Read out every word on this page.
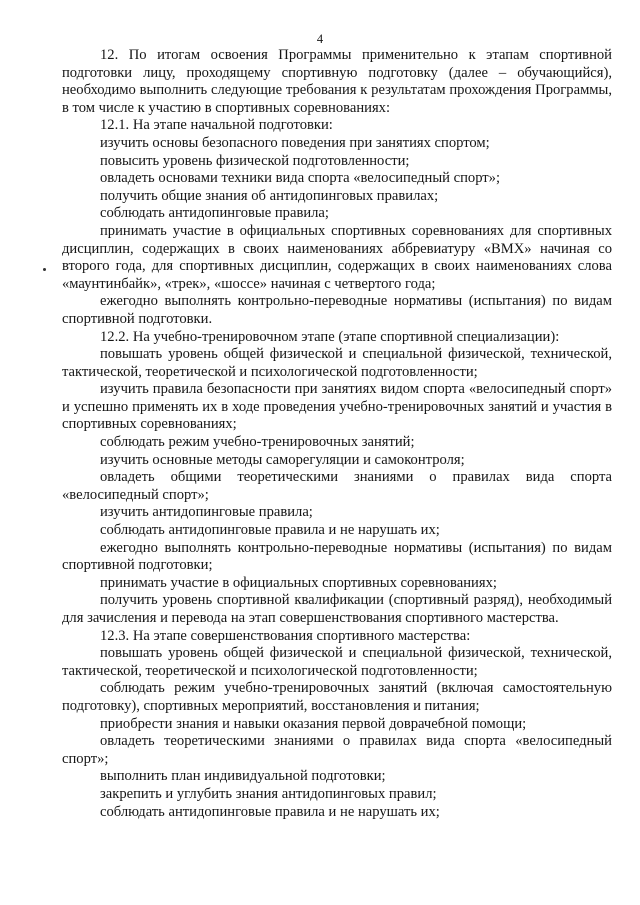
4

12. По итогам освоения Программы применительно к этапам спортивной подготовки лицу, проходящему спортивную подготовку (далее – обучающийся), необходимо выполнить следующие требования к результатам прохождения Программы, в том числе к участию в спортивных соревнованиях:

12.1. На этапе начальной подготовки:

изучить основы безопасного поведения при занятиях спортом;

повысить уровень физической подготовленности;

овладеть основами техники вида спорта «велосипедный спорт»;

получить общие знания об антидопинговых правилах;

соблюдать антидопинговые правила;

принимать участие в официальных спортивных соревнованиях для спортивных дисциплин, содержащих в своих наименованиях аббревиатуру «ВМХ» начиная со второго года, для спортивных дисциплин, содержащих в своих наименованиях слова «маунтинбайк», «трек», «шоссе» начиная с четвертого года;

ежегодно выполнять контрольно-переводные нормативы (испытания) по видам спортивной подготовки.

12.2. На учебно-тренировочном этапе (этапе спортивной специализации):

повышать уровень общей физической и специальной физической, технической, тактической, теоретической и психологической подготовленности;

изучить правила безопасности при занятиях видом спорта «велосипедный спорт» и успешно применять их в ходе проведения учебно-тренировочных занятий и участия в спортивных соревнованиях;

соблюдать режим учебно-тренировочных занятий;

изучить основные методы саморегуляции и самоконтроля;

овладеть общими теоретическими знаниями о правилах вида спорта «велосипедный спорт»;

изучить антидопинговые правила;

соблюдать антидопинговые правила и не нарушать их;

ежегодно выполнять контрольно-переводные нормативы (испытания) по видам спортивной подготовки;

принимать участие в официальных спортивных соревнованиях;

получить уровень спортивной квалификации (спортивный разряд), необходимый для зачисления и перевода на этап совершенствования спортивного мастерства.

12.3. На этапе совершенствования спортивного мастерства:

повышать уровень общей физической и специальной физической, технической, тактической, теоретической и психологической подготовленности;

соблюдать режим учебно-тренировочных занятий (включая самостоятельную подготовку), спортивных мероприятий, восстановления и питания;

приобрести знания и навыки оказания первой доврачебной помощи;

овладеть теоретическими знаниями о правилах вида спорта «велосипедный спорт»;

выполнить план индивидуальной подготовки;

закрепить и углубить знания антидопинговых правил;

соблюдать антидопинговые правила и не нарушать их;
